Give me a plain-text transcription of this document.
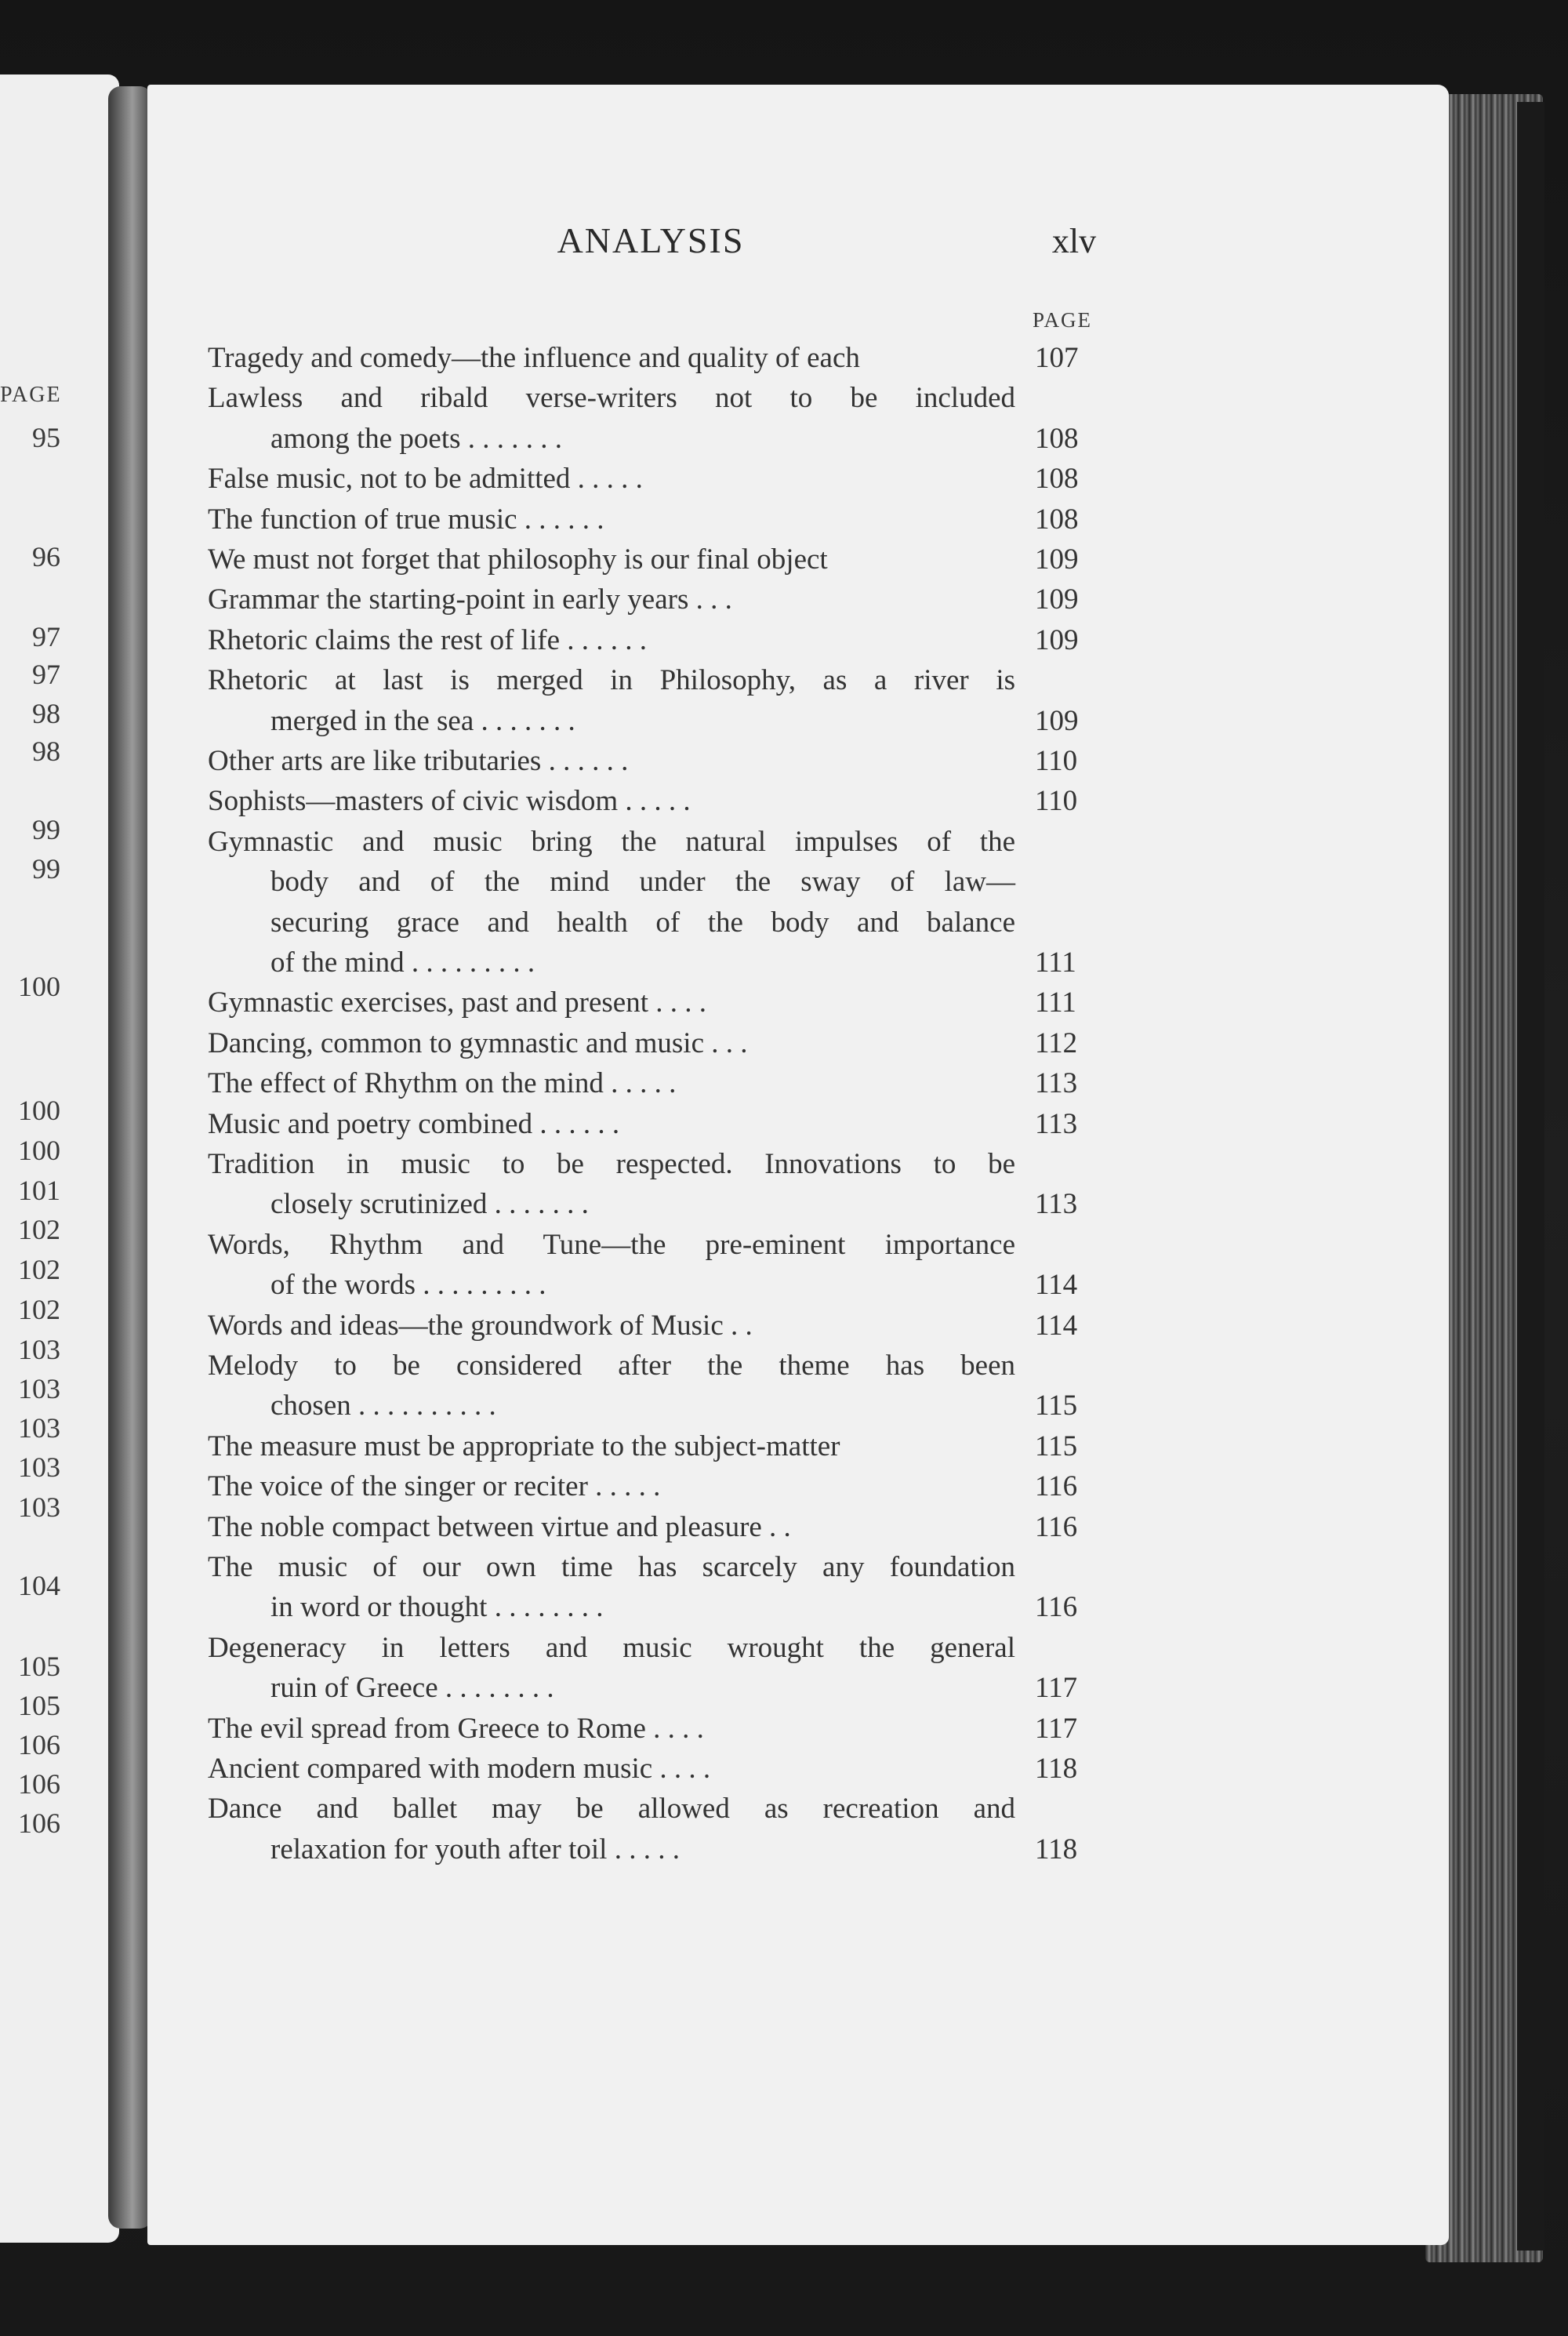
PAGE
95
96
97
97
98
98
99
99
100
100
100
101
102
102
102
103
103
103
103
103
104
105
105
106
106
106
ANALYSIS	xlv
PAGE
Tragedy and comedy—the influence and quality of each	107
Lawless and ribald verse-writers not to be included
among the poets . . . . . . .	108
False music, not to be admitted . . . . .	108
The function of true music . . . . . .	108
We must not forget that philosophy is our final object	109
Grammar the starting-point in early years . . .	109
Rhetoric claims the rest of life . . . . . .	109
Rhetoric at last is merged in Philosophy, as a river is
merged in the sea . . . . . . .	109
Other arts are like tributaries . . . . . .	110
Sophists—masters of civic wisdom . . . . .	110
Gymnastic and music bring the natural impulses of the
body and of the mind under the sway of law—
securing grace and health of the body and balance
of the mind . . . . . . . . .	111
Gymnastic exercises, past and present . . . .	111
Dancing, common to gymnastic and music . . .	112
The effect of Rhythm on the mind . . . . .	113
Music and poetry combined . . . . . .	113
Tradition in music to be respected. Innovations to be
closely scrutinized . . . . . . .	113
Words, Rhythm and Tune—the pre-eminent importance
of the words . . . . . . . . .	114
Words and ideas—the groundwork of Music . .	114
Melody to be considered after the theme has been
chosen . . . . . . . . . .	115
The measure must be appropriate to the subject-matter	115
The voice of the singer or reciter . . . . .	116
The noble compact between virtue and pleasure . .	116
The music of our own time has scarcely any foundation
in word or thought . . . . . . . .	116
Degeneracy in letters and music wrought the general
ruin of Greece . . . . . . . .	117
The evil spread from Greece to Rome . . . .	117
Ancient compared with modern music . . . .	118
Dance and ballet may be allowed as recreation and
relaxation for youth after toil . . . . .	118
